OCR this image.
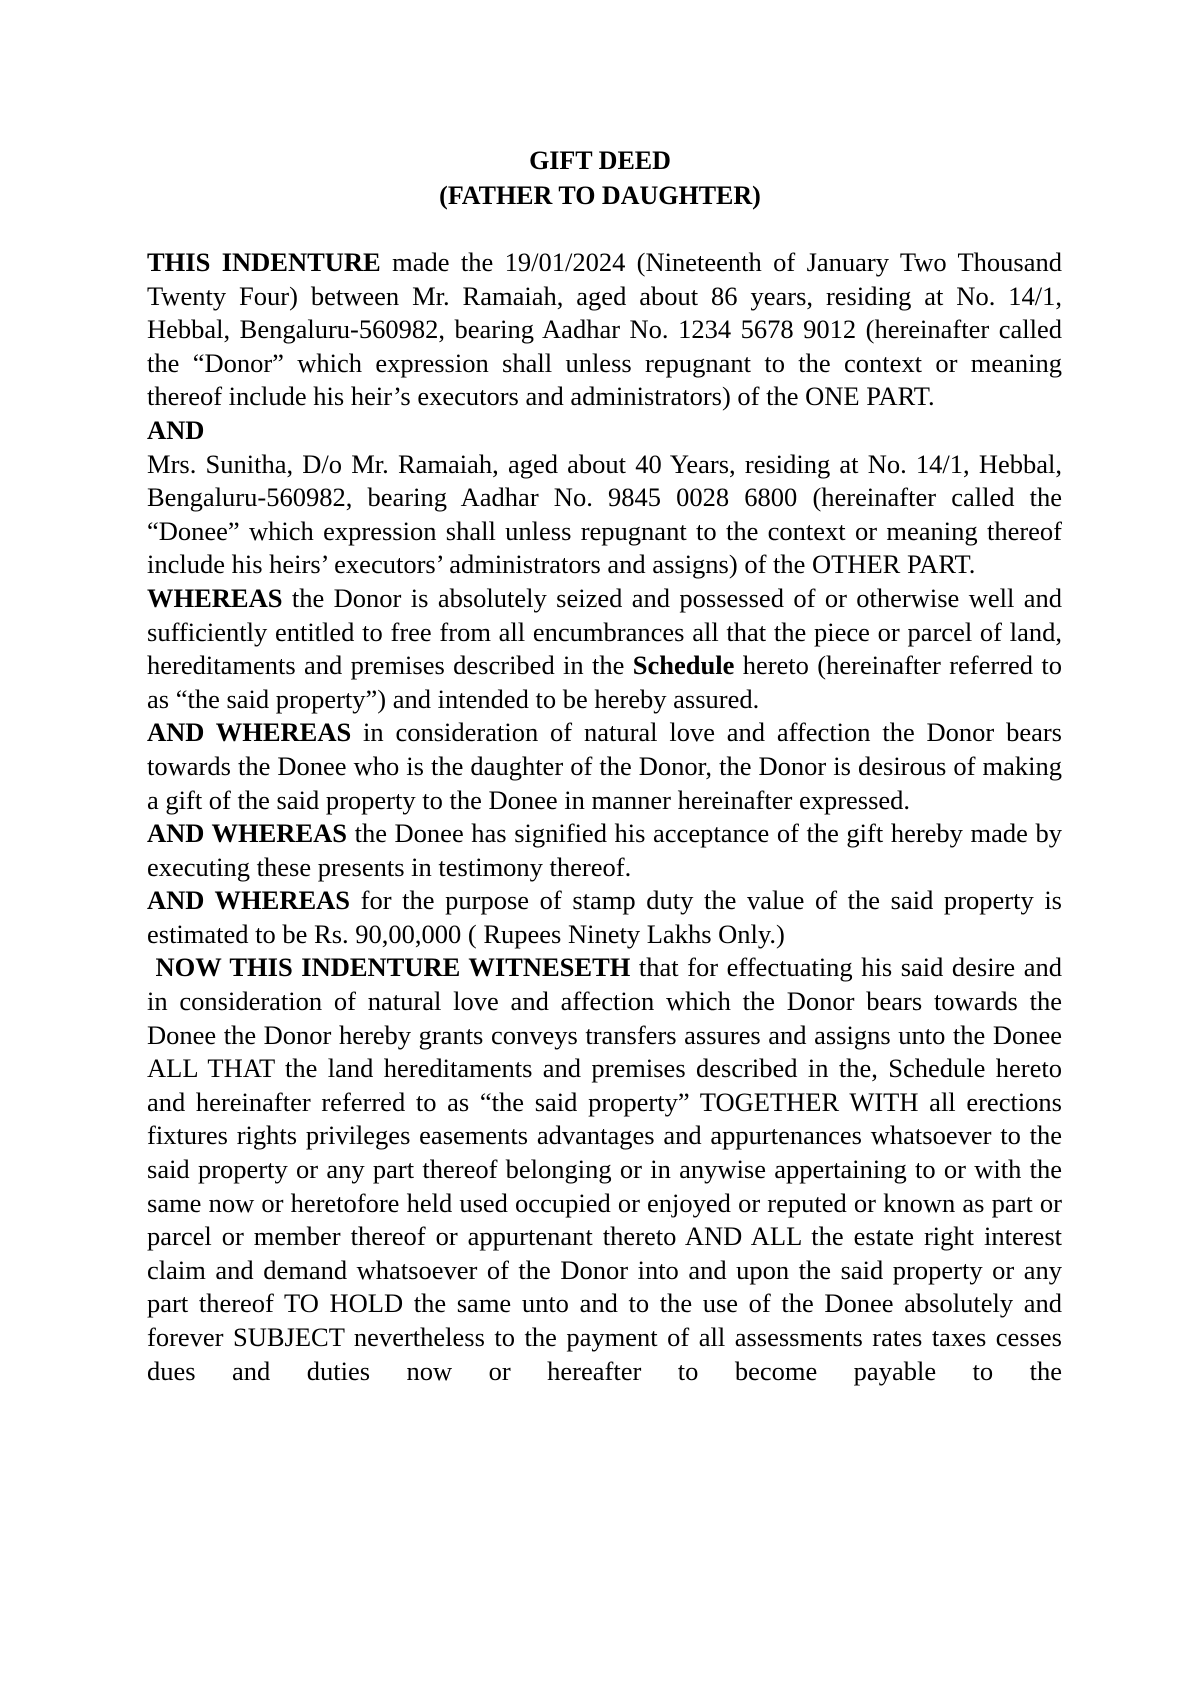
GIFT DEED
(FATHER TO DAUGHTER)

THIS INDENTURE made the 19/01/2024 (Nineteenth of January Two Thousand Twenty Four) between Mr. Ramaiah, aged about 86 years, residing at No. 14/1, Hebbal, Bengaluru-560982, bearing Aadhar No. 1234 5678 9012 (hereinafter called the “Donor” which expression shall unless repugnant to the context or meaning thereof include his heir’s executors and administrators) of the ONE PART.

AND

Mrs. Sunitha, D/o Mr. Ramaiah, aged about 40 Years, residing at No. 14/1, Hebbal, Bengaluru-560982, bearing Aadhar No. 9845 0028 6800 (hereinafter called the “Donee” which expression shall unless repugnant to the context or meaning thereof include his heirs’ executors’ administrators and assigns) of the OTHER PART.

WHEREAS the Donor is absolutely seized and possessed of or otherwise well and sufficiently entitled to free from all encumbrances all that the piece or parcel of land, hereditaments and premises described in the Schedule hereto (hereinafter referred to as “the said property”) and intended to be hereby assured.

AND WHEREAS in consideration of natural love and affection the Donor bears towards the Donee who is the daughter of the Donor, the Donor is desirous of making a gift of the said property to the Donee in manner hereinafter expressed.

AND WHEREAS the Donee has signified his acceptance of the gift hereby made by executing these presents in testimony thereof.

AND WHEREAS for the purpose of stamp duty the value of the said property is estimated to be Rs. 90,00,000 ( Rupees Ninety Lakhs Only.)

NOW THIS INDENTURE WITNESETH that for effectuating his said desire and in consideration of natural love and affection which the Donor bears towards the Donee the Donor hereby grants conveys transfers assures and assigns unto the Donee ALL THAT the land hereditaments and premises described in the, Schedule hereto and hereinafter referred to as “the said property” TOGETHER WITH all erections fixtures rights privileges easements advantages and appurtenances whatsoever to the said property or any part thereof belonging or in anywise appertaining to or with the same now or heretofore held used occupied or enjoyed or reputed or known as part or parcel or member thereof or appurtenant thereto AND ALL the estate right interest claim and demand whatsoever of the Donor into and upon the said property or any part thereof TO HOLD the same unto and to the use of the Donee absolutely and forever SUBJECT nevertheless to the payment of all assessments rates taxes cesses dues and duties now or hereafter to become payable to the
